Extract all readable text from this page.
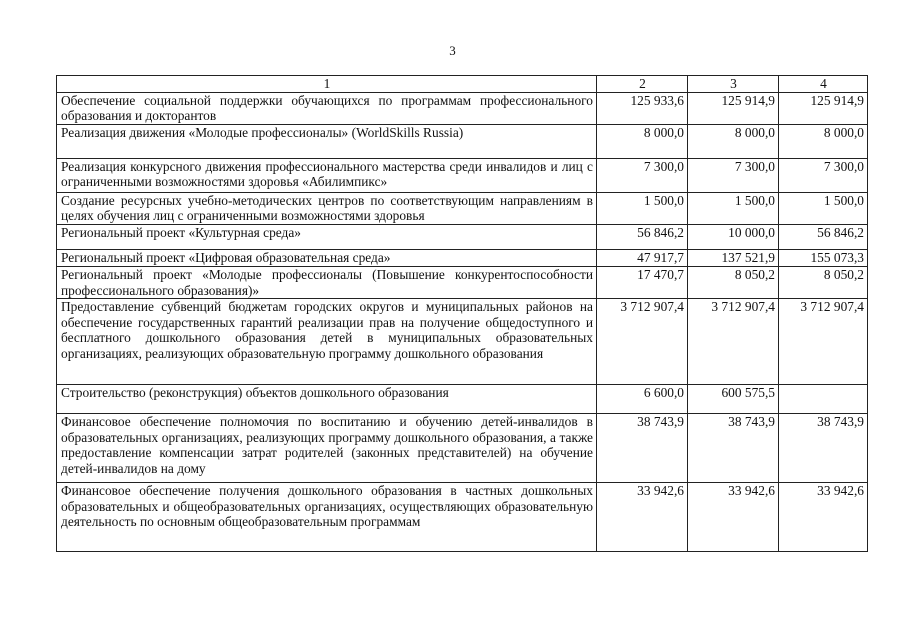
3
1	2	3	4
Обеспечение социальной поддержки обучающихся по программам профессионального образования и докторантов	125 933,6	125 914,9	125 914,9
Реализация движения «Молодые профессионалы» (WorldSkills Russia)	8 000,0	8 000,0	8 000,0
Реализация конкурсного движения профессионального мастерства среди инвалидов и лиц с ограниченными возможностями здоровья «Абилимпикс»	7 300,0	7 300,0	7 300,0
Создание ресурсных учебно-методических центров по соответствующим направлениям в целях обучения лиц с ограниченными возможностями здоровья	1 500,0	1 500,0	1 500,0
Региональный проект «Культурная среда»	56 846,2	10 000,0	56 846,2
Региональный проект «Цифровая образовательная среда»	47 917,7	137 521,9	155 073,3
Региональный проект «Молодые профессионалы (Повышение конкурентоспособности профессионального образования)»	17 470,7	8 050,2	8 050,2
Предоставление субвенций бюджетам городских округов и муниципальных районов на обеспечение государственных гарантий реализации прав на получение общедоступного и бесплатного дошкольного образования детей в муниципальных образовательных организациях, реализующих образовательную программу дошкольного образования	3 712 907,4	3 712 907,4	3 712 907,4
Строительство (реконструкция) объектов дошкольного образования	6 600,0	600 575,5	
Финансовое обеспечение полномочия по воспитанию и обучению детей-инвалидов в образовательных организациях, реализующих программу дошкольного образования, а также предоставление компенсации затрат родителей (законных представителей) на обучение детей-инвалидов на дому	38 743,9	38 743,9	38 743,9
Финансовое обеспечение получения дошкольного образования в частных дошкольных образовательных и общеобразовательных организациях, осуществляющих образовательную деятельность по основным общеобразовательным программам	33 942,6	33 942,6	33 942,6
